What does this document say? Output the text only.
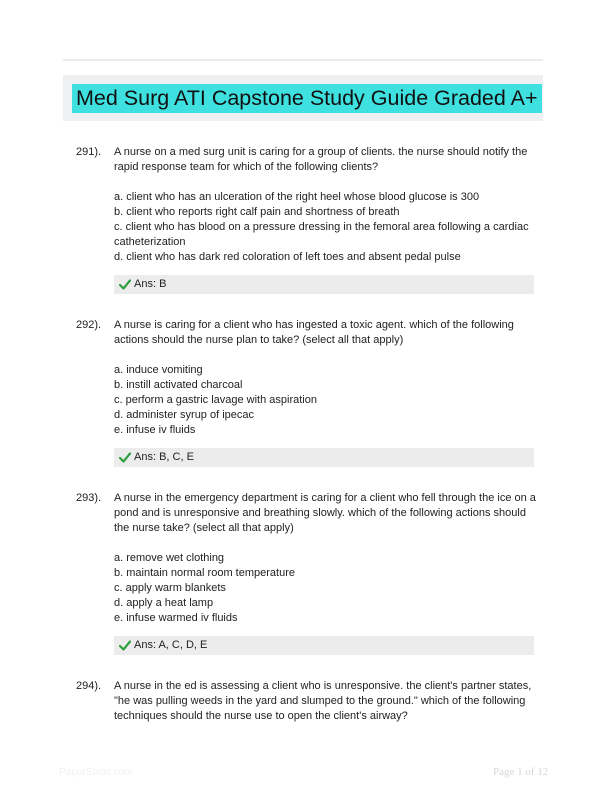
Med Surg ATI Capstone Study Guide Graded A+
291). A nurse on a med surg unit is caring for a group of clients. the nurse should notify the rapid response team for which of the following clients?
a. client who has an ulceration of the right heel whose blood glucose is 300
b. client who reports right calf pain and shortness of breath
c. client who has blood on a pressure dressing in the femoral area following a cardiac catheterization
d. client who has dark red coloration of left toes and absent pedal pulse
Ans: B
292). A nurse is caring for a client who has ingested a toxic agent. which of the following actions should the nurse plan to take? (select all that apply)
a. induce vomiting
b. instill activated charcoal
c. perform a gastric lavage with aspiration
d. administer syrup of ipecac
e. infuse iv fluids
Ans: B, C, E
293). A nurse in the emergency department is caring for a client who fell through the ice on a pond and is unresponsive and breathing slowly. which of the following actions should the nurse take? (select all that apply)
a. remove wet clothing
b. maintain normal room temperature
c. apply warm blankets
d. apply a heat lamp
e. infuse warmed iv fluids
Ans: A, C, D, E
294). A nurse in the ed is assessing a client who is unresponsive. the client's partner states, "he was pulling weeds in the yard and slumped to the ground." which of the following techniques should the nurse use to open the client's airway?
PaperStatic.com	Page 1 of 12
